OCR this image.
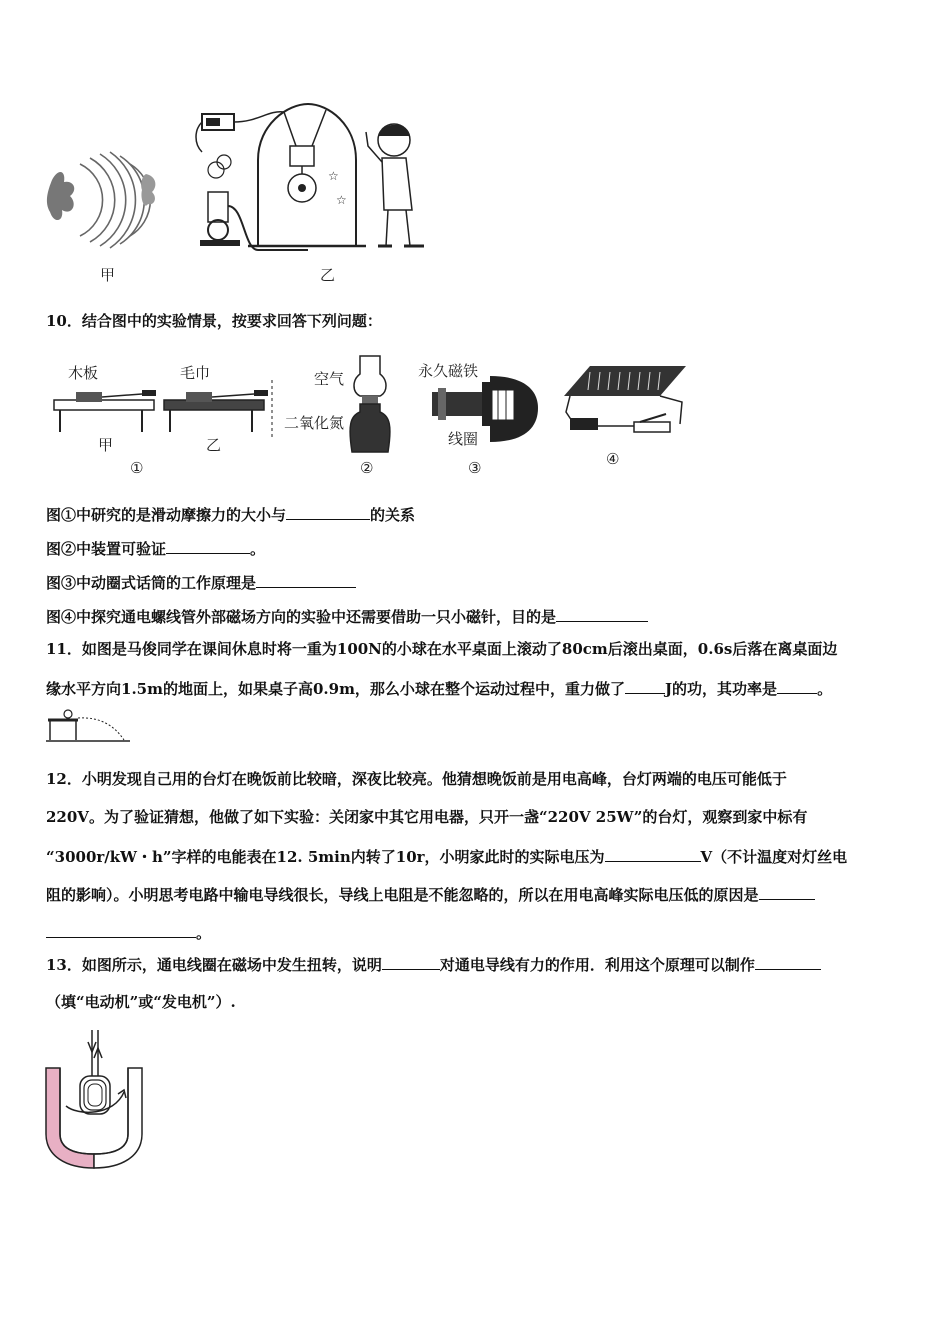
甲
☆
☆
乙
10．结合图中的实验情景，按要求回答下列问题：
木板	毛巾
甲	乙
①
空气
二氧化氮
②
永久磁铁
线圈
③	④
图①中研究的是滑动摩擦力的大小与	的关系
图②中装置可验证	。
图③中动圈式话筒的工作原理是
图④中探究通电螺线管外部磁场方向的实验中还需要借助一只小磁针，目的是
11．如图是马俊同学在课间休息时将一重为100N的小球在水平桌面上滚动了80cm后滚出桌面，0.6s后落在离桌面边
缘水平方向1.5m的地面上，如果桌子高0.9m，那么小球在整个运动过程中，重力做了	J的功，其功率是	。
12．小明发现自己用的台灯在晚饭前比较暗，深夜比较亮。他猜想晚饭前是用电高峰，台灯两端的电压可能低于
220V。为了验证猜想，他做了如下实验：关闭家中其它用电器，只开一盏“220V 25W”的台灯，观察到家中标有
“3000r/kW・h”字样的电能表在12. 5min内转了10r，小明家此时的实际电压为	V（不计温度对灯丝电
阻的影响）。小明思考电路中输电导线很长，导线上电阻是不能忽略的，所以在用电高峰实际电压低的原因是
。
13．如图所示，通电线圈在磁场中发生扭转，说明	对通电导线有力的作用．利用这个原理可以制作
（填“电动机”或“发电机”）.
